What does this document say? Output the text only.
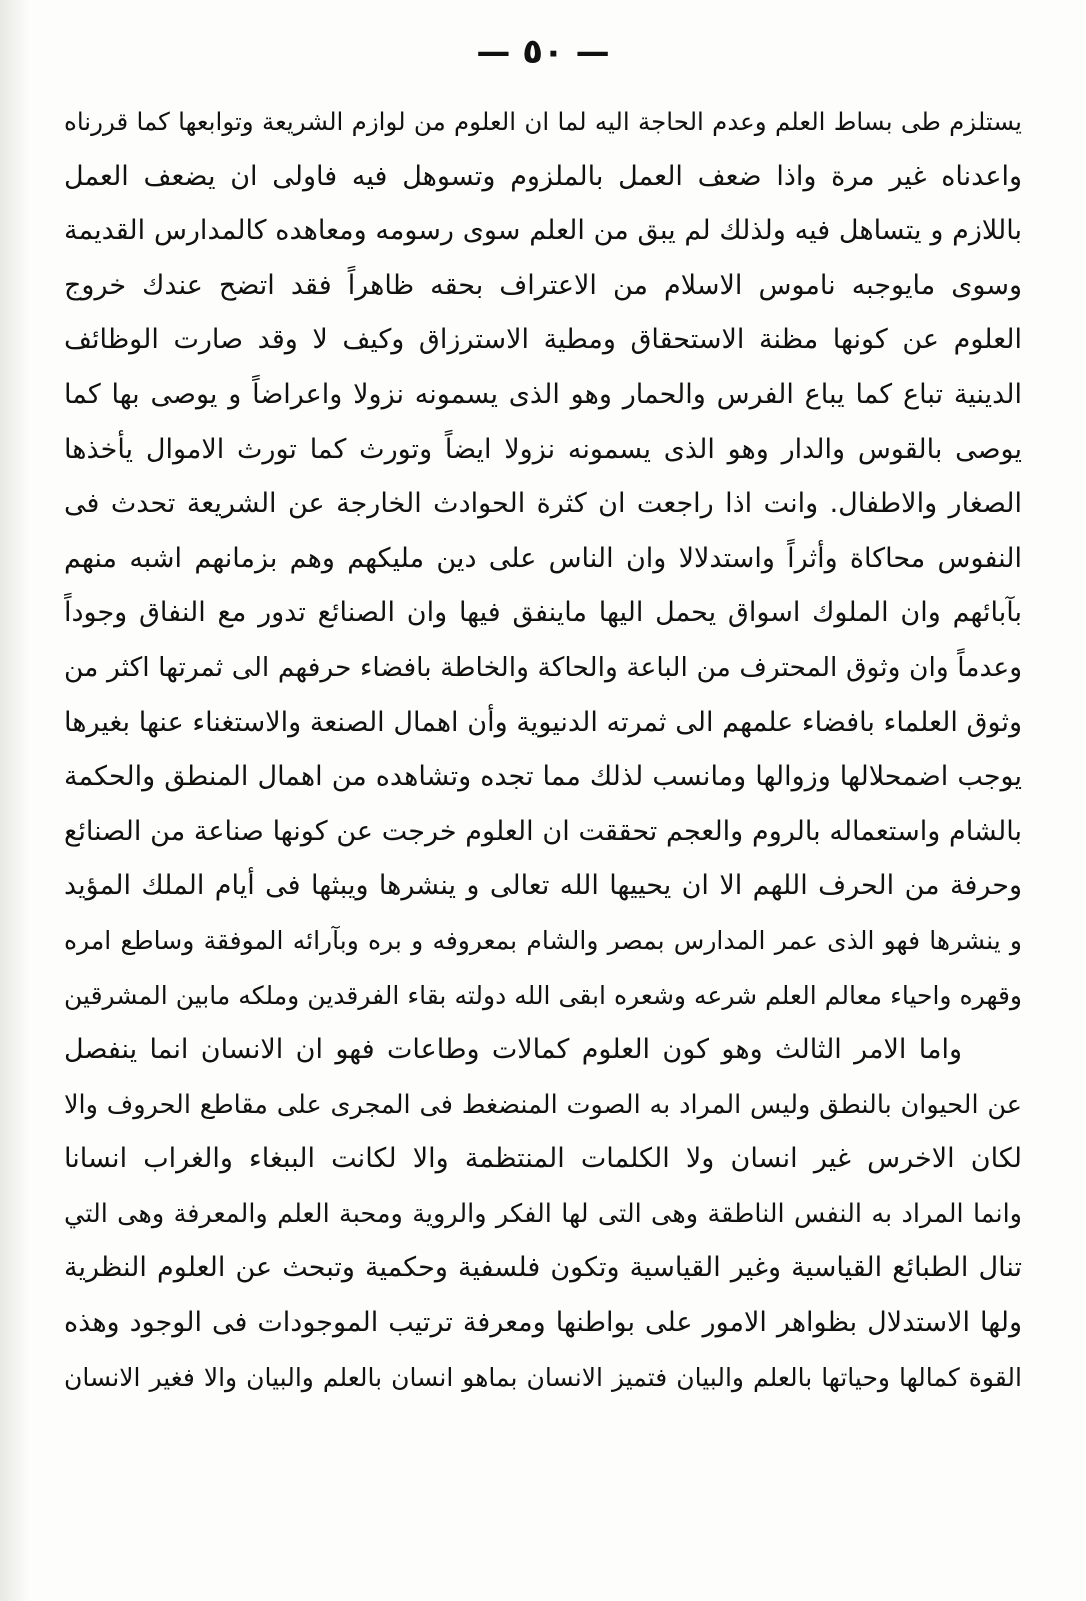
— ٥٠ —
يستلزم طى بساط العلم وعدم الحاجة اليه لما ان العلوم من لوازم الشريعة وتوابعها كما قررناه
واعدناه غير مرة واذا ضعف العمل بالملزوم وتسوهل فيه فاولى ان يضعف العمل
باللازم و يتساهل فيه ولذلك لم يبق من العلم سوى رسومه ومعاهده كالمدارس القديمة
وسوى مايوجبه ناموس الاسلام من الاعتراف بحقه ظاهراً فقد اتضح عندك خروج
العلوم عن كونها مظنة الاستحقاق ومطية الاسترزاق وكيف لا وقد صارت الوظائف
الدينية تباع كما يباع الفرس والحمار وهو الذى يسمونه نزولا واعراضاً و يوصى بها كما
يوصى بالقوس والدار وهو الذى يسمونه نزولا ايضاً وتورث كما تورث الاموال يأخذها
الصغار والاطفال. وانت اذا راجعت ان كثرة الحوادث الخارجة عن الشريعة تحدث فى
النفوس محاكاة وأثراً واستدلالا وان الناس على دين مليكهم وهم بزمانهم اشبه منهم
بآبائهم وان الملوك اسواق يحمل اليها ماينفق فيها وان الصنائع تدور مع النفاق وجوداً
وعدماً وان وثوق المحترف من الباعة والحاكة والخاطة بافضاء حرفهم الى ثمرتها اكثر من
وثوق العلماء بافضاء علمهم الى ثمرته الدنيوية وأن اهمال الصنعة والاستغناء عنها بغيرها
يوجب اضمحلالها وزوالها ومانسب لذلك مما تجده وتشاهده من اهمال المنطق والحكمة
بالشام واستعماله بالروم والعجم تحققت ان العلوم خرجت عن كونها صناعة من الصنائع
وحرفة من الحرف اللهم الا ان يحييها الله تعالى و ينشرها ويبثها فى أيام الملك المؤيد
و ينشرها فهو الذى عمر المدارس بمصر والشام بمعروفه و بره وبآرائه الموفقة وساطع امره
وقهره واحياء معالم العلم شرعه وشعره ابقى الله دولته بقاء الفرقدين وملكه مابين المشرقين
واما الامر الثالث وهو كون العلوم كمالات وطاعات فهو ان الانسان انما ينفصل
عن الحيوان بالنطق وليس المراد به الصوت المنضغط فى المجرى على مقاطع الحروف والا
لكان الاخرس غير انسان ولا الكلمات المنتظمة والا لكانت الببغاء والغراب انسانا
وانما المراد به النفس الناطقة وهى التى لها الفكر والروية ومحبة العلم والمعرفة وهى التي
تنال الطبائع القياسية وغير القياسية وتكون فلسفية وحكمية وتبحث عن العلوم النظرية
ولها الاستدلال بظواهر الامور على بواطنها ومعرفة ترتيب الموجودات فى الوجود وهذه
القوة كمالها وحياتها بالعلم والبيان فتميز الانسان بماهو انسان بالعلم والبيان والا فغير الانسان
